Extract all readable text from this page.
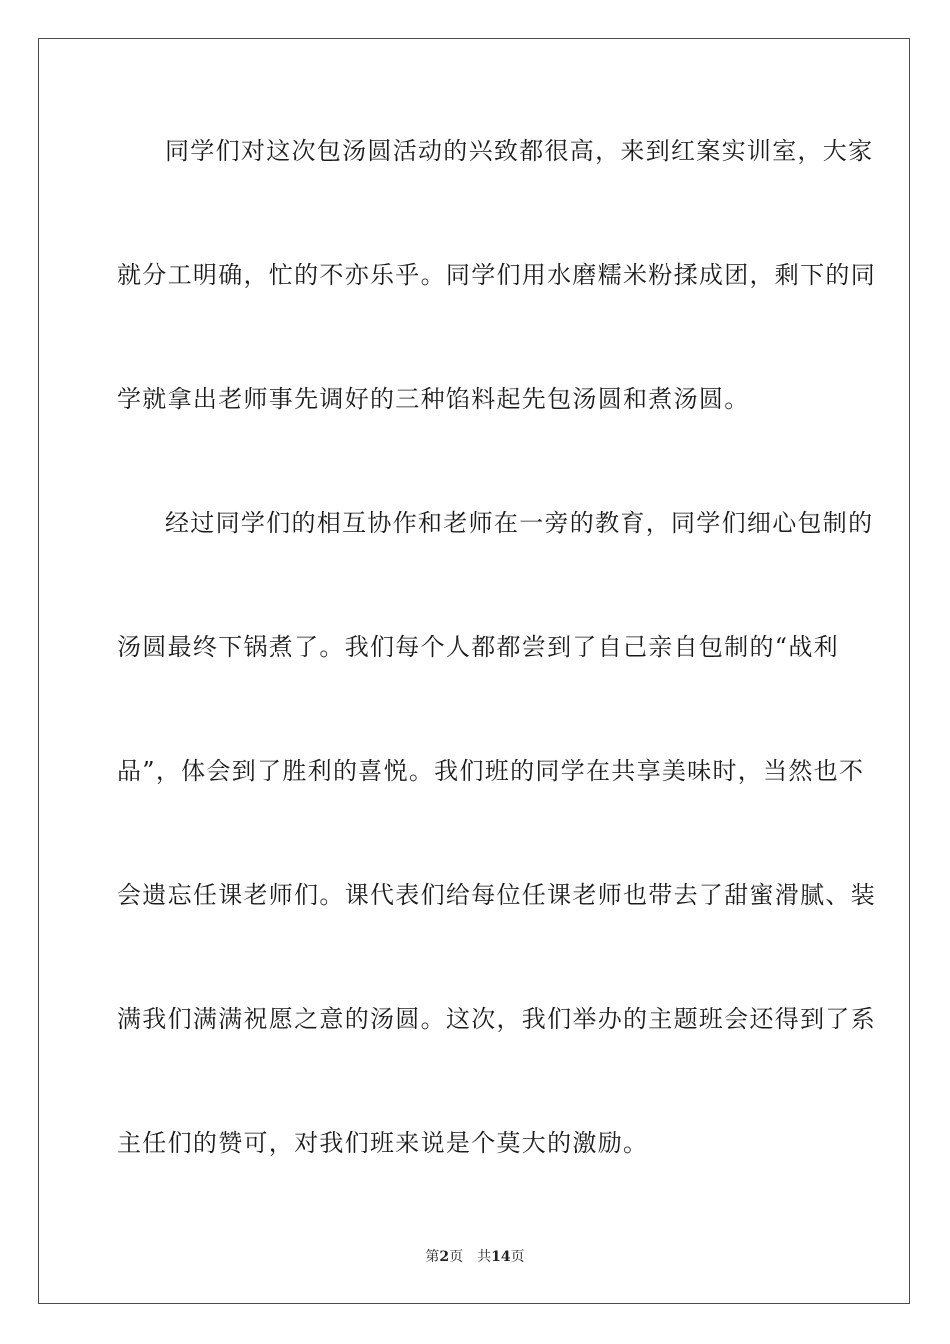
同学们对这次包汤圆活动的兴致都很高，来到红案实训室，大家
就分工明确，忙的不亦乐乎。同学们用水磨糯米粉揉成团，剩下的同
学就拿出老师事先调好的三种馅料起先包汤圆和煮汤圆。
经过同学们的相互协作和老师在一旁的教育，同学们细心包制的
汤圆最终下锅煮了。我们每个人都都尝到了自己亲自包制的“战利
品”，体会到了胜利的喜悦。我们班的同学在共享美味时，当然也不
会遗忘任课老师们。课代表们给每位任课老师也带去了甜蜜滑腻、装
满我们满满祝愿之意的汤圆。这次，我们举办的主题班会还得到了系
主任们的赞可，对我们班来说是个莫大的激励。
第2页 共14页
